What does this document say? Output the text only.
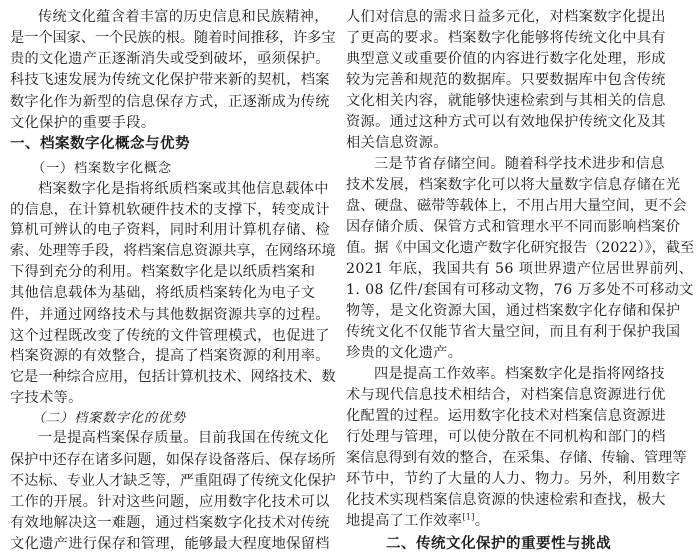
传统文化蕴含着丰富的历史信息和民族精神，
是一个国家、一个民族的根。随着时间推移，许多宝
贵的文化遗产正逐渐消失或受到破坏，亟须保护。
科技飞速发展为传统文化保护带来新的契机，档案
数字化作为新型的信息保存方式，正逐渐成为传统
文化保护的重要手段。
一、档案数字化概念与优势
（一）档案数字化概念
档案数字化是指将纸质档案或其他信息载体中
的信息，在计算机软硬件技术的支撑下，转变成计
算机可辨认的电子资料，同时利用计算机存储、检
索、处理等手段，将档案信息资源共享，在网络环境
下得到充分的利用。档案数字化是以纸质档案和
其他信息载体为基础，将纸质档案转化为电子文
件，并通过网络技术与其他数据资源共享的过程。
这个过程既改变了传统的文件管理模式，也促进了
档案资源的有效整合，提高了档案资源的利用率。
它是一种综合应用，包括计算机技术、网络技术、数
字技术等。
（二）档案数字化的优势
一是提高档案保存质量。目前我国在传统文化
保护中还存在诸多问题，如保存设备落后、保存场所
不达标、专业人才缺乏等，严重阻碍了传统文化保护
工作的开展。针对这些问题，应用数字化技术可以
有效地解决这一难题，通过档案数字化技术对传统
文化遗产进行保存和管理，能够最大程度地保留档
人们对信息的需求日益多元化，对档案数字化提出
了更高的要求。档案数字化能够将传统文化中具有
典型意义或重要价值的内容进行数字化处理，形成
较为完善和规范的数据库。只要数据库中包含传统
文化相关内容，就能够快速检索到与其相关的信息
资源。通过这种方式可以有效地保护传统文化及其
相关信息资源。
三是节省存储空间。随着科学技术进步和信息
技术发展，档案数字化可以将大量数字信息存储在光
盘、硬盘、磁带等载体上，不用占用大量空间，更不会
因存储介质、保管方式和管理水平不同而影响档案价
值。据《中国文化遗产数字化研究报告（2022）》，截至
2021 年底，我国共有 56 项世界遗产位居世界前列、
1. 08 亿件/套国有可移动文物，76 万多处不可移动文
物等，是文化资源大国，通过档案数字化存储和保护
传统文化不仅能节省大量空间，而且有利于保护我国
珍贵的文化遗产。
四是提高工作效率。档案数字化是指将网络技
术与现代信息技术相结合，对档案信息资源进行优
化配置的过程。运用数字化技术对档案信息资源进
行处理与管理，可以使分散在不同机构和部门的档
案信息得到有效的整合，在采集、存储、传输、管理等
环节中，节约了大量的人力、物力。另外，利用数字
化技术实现档案信息资源的快速检索和查找，极大
地提高了工作效率[1]。
二、传统文化保护的重要性与挑战
